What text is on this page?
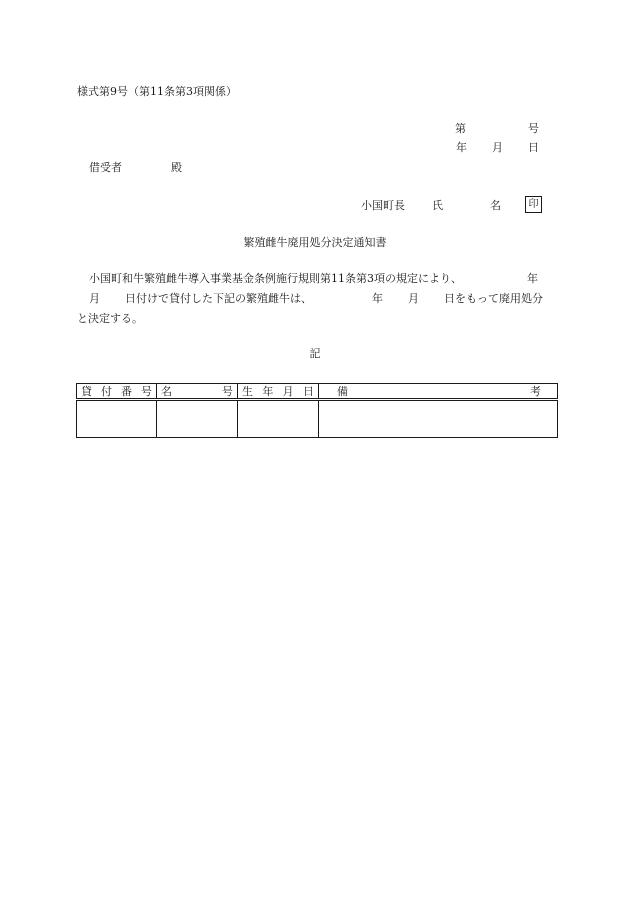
様式第9号（第11条第3項関係）
第	号
年 月 日
借受者	殿
小国町長 氏	名	印
繁殖雌牛廃用処分決定通知書
小国町和牛繁殖雌牛導入事業基金条例施行規則第11条第3項の規定により、	年
月 日付けで貸付した下記の繁殖雌牛は、	年 月 日をもって廃用処分
と決定する。
記
貸 付 番 号	名 号	生 年 月 日	備 考
